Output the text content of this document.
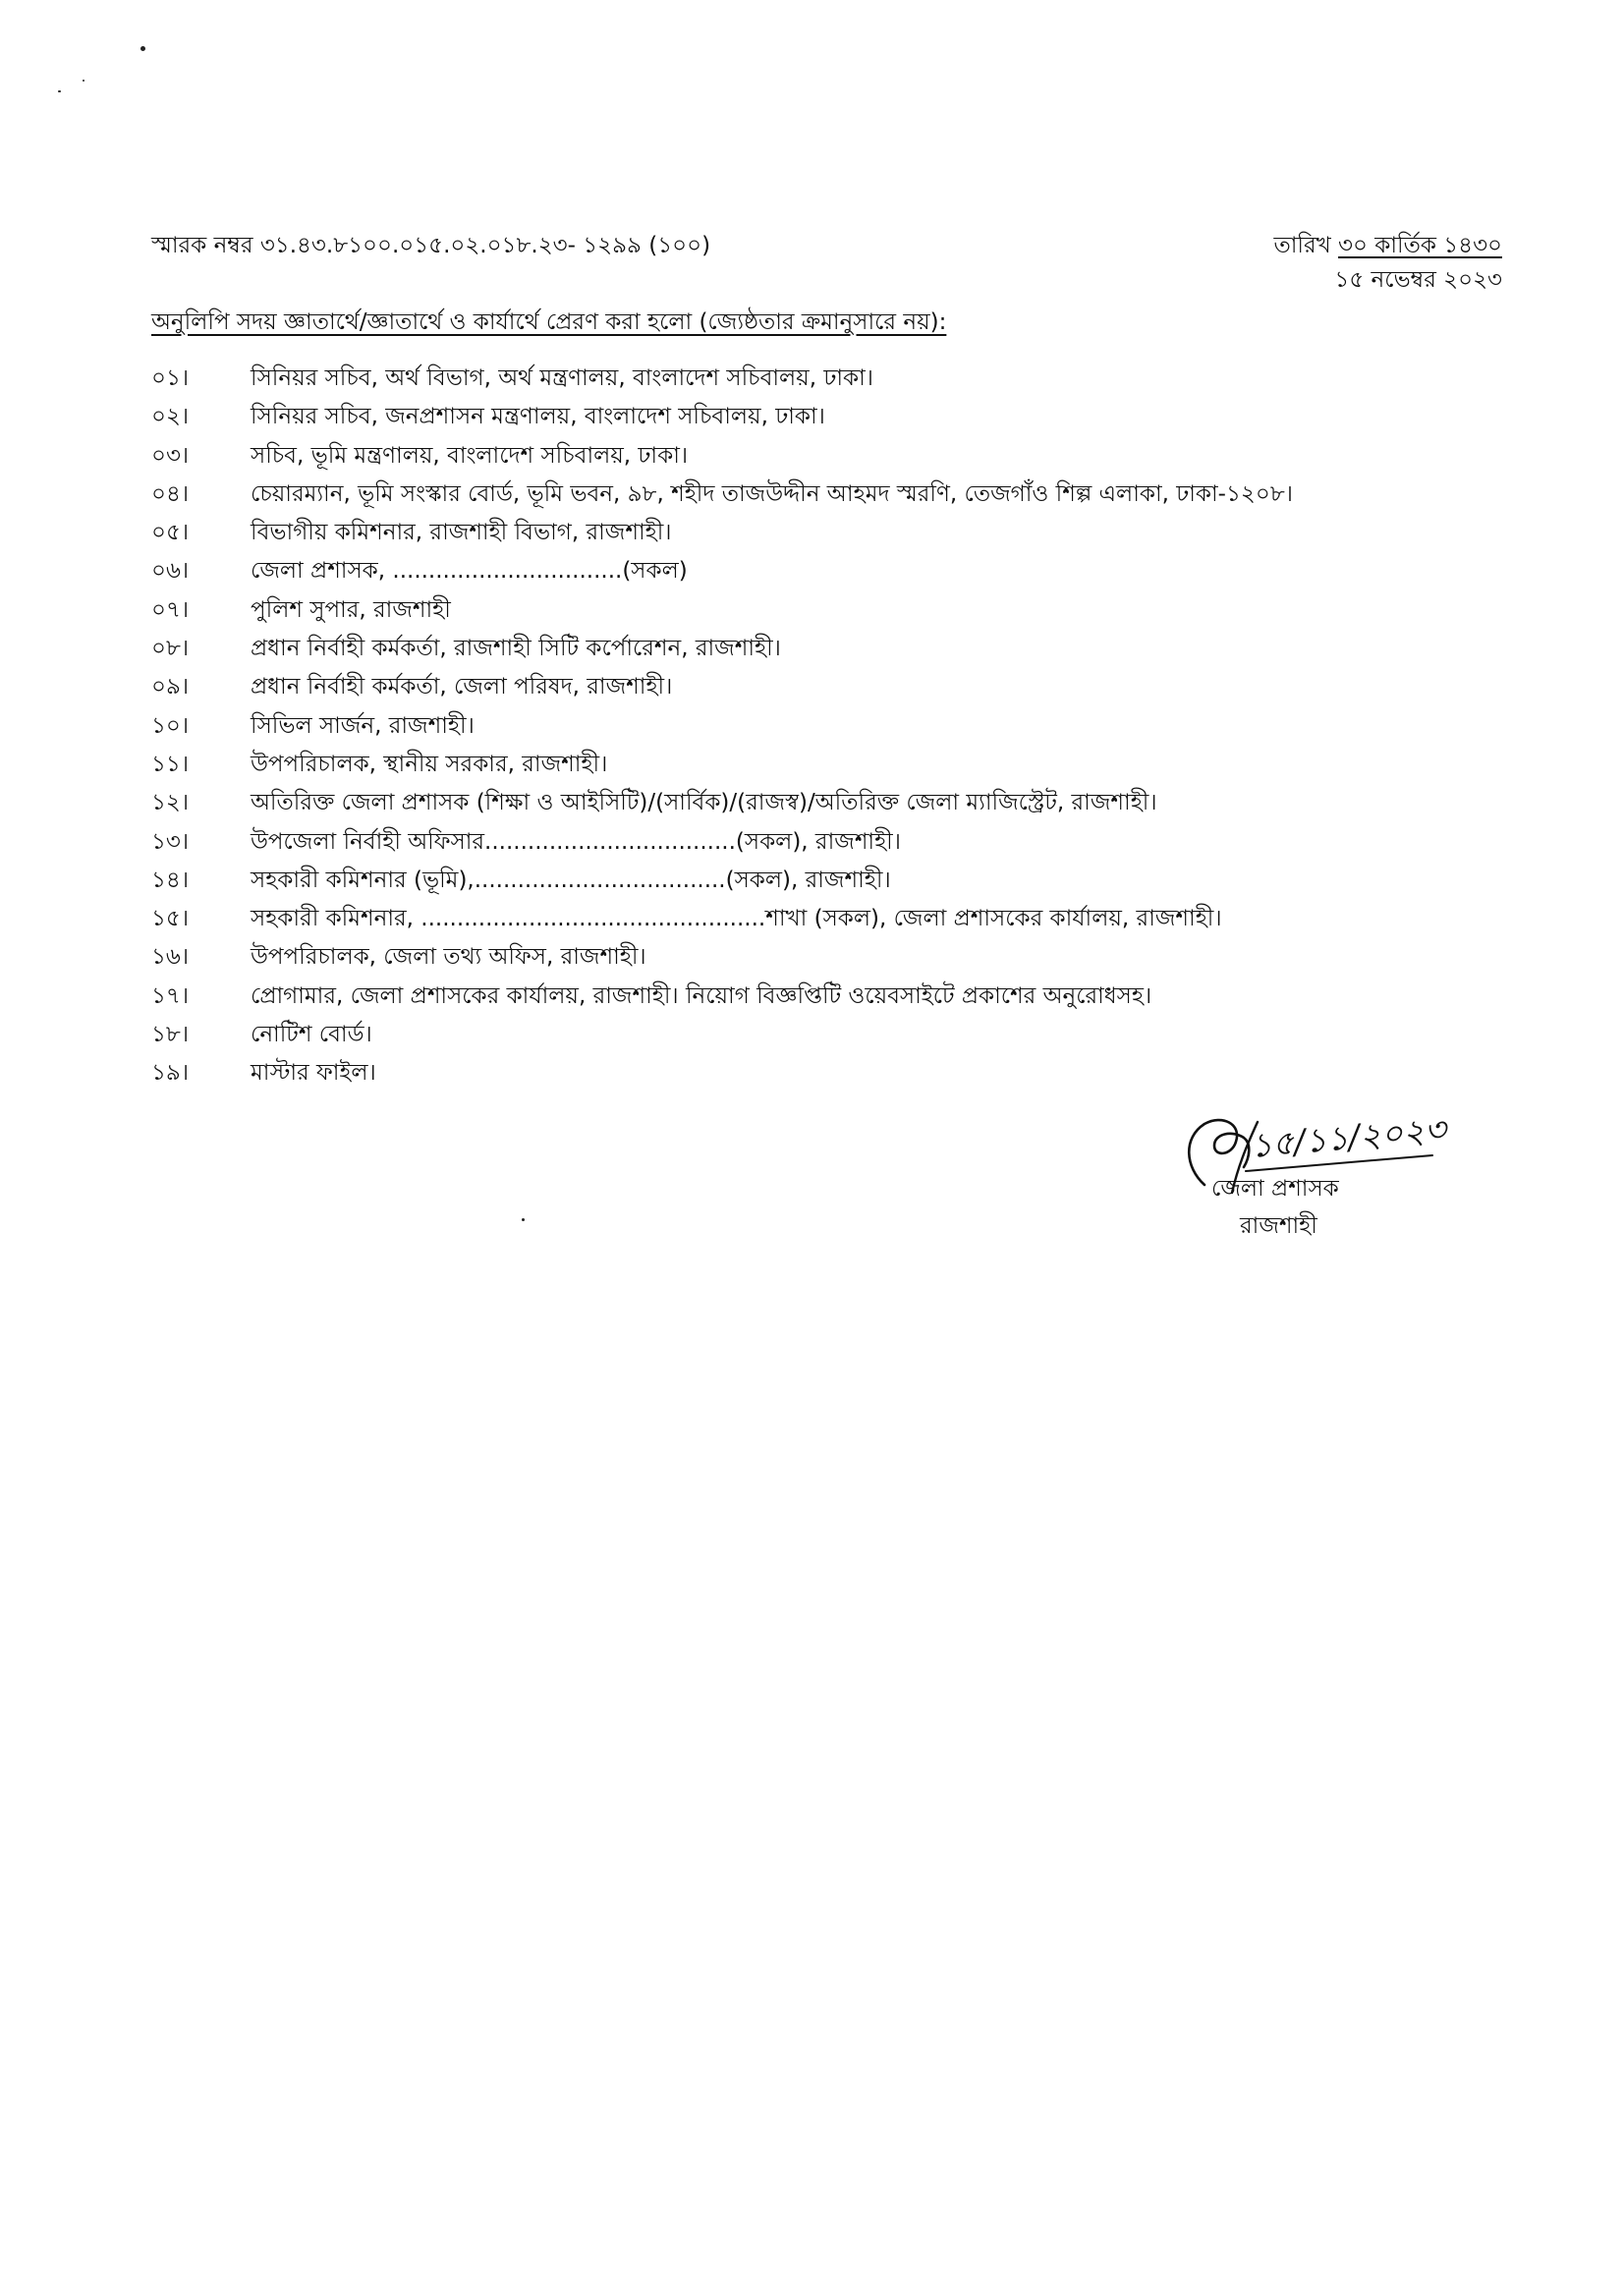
স্মারক নম্বর ৩১.৪৩.৮১০০.০১৫.০২.০১৮.২৩- ১২৯৯ (১০০)	তারিখ ৩০ কার্তিক ১৪৩০
১৫ নভেম্বর ২০২৩
অনুলিপি সদয় জ্ঞাতার্থে/জ্ঞাতার্থে ও কার্যার্থে প্রেরণ করা হলো (জ্যেষ্ঠতার ক্রমানুসারে নয়):
০১।	সিনিয়র সচিব, অর্থ বিভাগ, অর্থ মন্ত্রণালয়, বাংলাদেশ সচিবালয়, ঢাকা।
০২।	সিনিয়র সচিব, জনপ্রশাসন মন্ত্রণালয়, বাংলাদেশ সচিবালয়, ঢাকা।
০৩।	সচিব, ভূমি মন্ত্রণালয়, বাংলাদেশ সচিবালয়, ঢাকা।
০৪।	চেয়ারম্যান, ভূমি সংস্কার বোর্ড, ভূমি ভবন, ৯৮, শহীদ তাজউদ্দীন আহমদ স্মরণি, তেজগাঁও শিল্প এলাকা, ঢাকা-১২০৮।
০৫।	বিভাগীয় কমিশনার, রাজশাহী বিভাগ, রাজশাহী।
০৬।	জেলা প্রশাসক, ................................(সকল)
০৭।	পুলিশ সুপার, রাজশাহী
০৮।	প্রধান নির্বাহী কর্মকর্তা, রাজশাহী সিটি কর্পোরেশন, রাজশাহী।
০৯।	প্রধান নির্বাহী কর্মকর্তা, জেলা পরিষদ, রাজশাহী।
১০।	সিভিল সার্জন, রাজশাহী।
১১।	উপপরিচালক, স্থানীয় সরকার, রাজশাহী।
১২।	অতিরিক্ত জেলা প্রশাসক (শিক্ষা ও আইসিটি)/(সার্বিক)/(রাজস্ব)/অতিরিক্ত জেলা ম্যাজিস্ট্রেট, রাজশাহী।
১৩।	উপজেলা নির্বাহী অফিসার...................................(সকল), রাজশাহী।
১৪।	সহকারী কমিশনার (ভূমি),...................................(সকল), রাজশাহী।
১৫।	সহকারী কমিশনার, ................................................শাখা (সকল), জেলা প্রশাসকের কার্যালয়, রাজশাহী।
১৬।	উপপরিচালক, জেলা তথ্য অফিস, রাজশাহী।
১৭।	প্রোগামার, জেলা প্রশাসকের কার্যালয়, রাজশাহী। নিয়োগ বিজ্ঞপ্তিটি ওয়েবসাইটে প্রকাশের অনুরোধসহ।
১৮।	নোটিশ বোর্ড।
১৯।	মাস্টার ফাইল।
১৫/১১/২০২৩
জেলা প্রশাসক
রাজশাহী
